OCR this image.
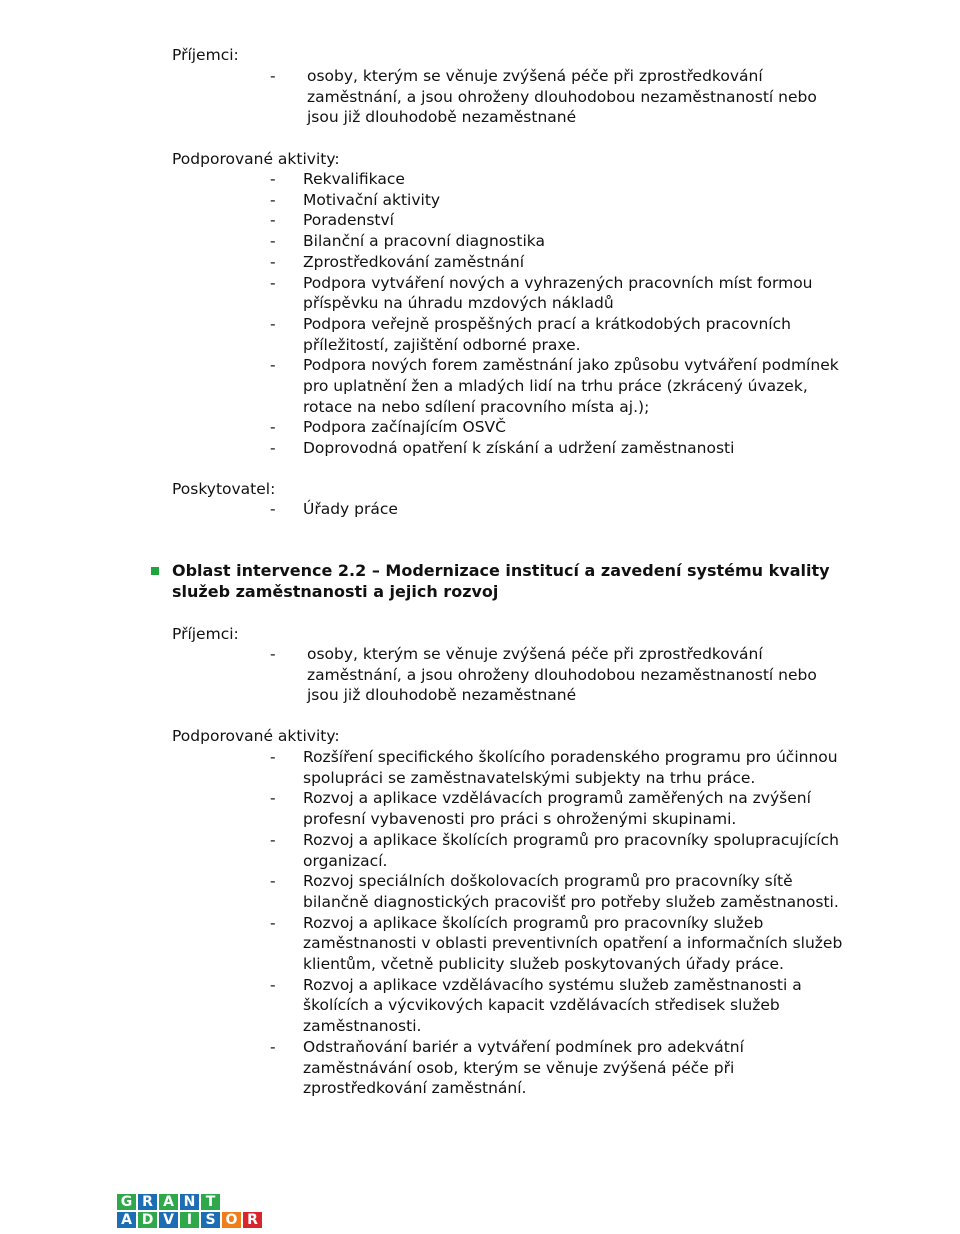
Příjemci:
- osoby, kterým se věnuje zvýšená péče při zprostředkování zaměstnání, a jsou ohroženy dlouhodobou nezaměstnaností nebo jsou již dlouhodobě nezaměstnané
Podporované aktivity:
- Rekvalifikace
- Motivační aktivity
- Poradenství
- Bilanční a pracovní diagnostika
- Zprostředkování zaměstnání
- Podpora vytváření nových a vyhrazených pracovních míst formou příspěvku na úhradu mzdových nákladů
- Podpora veřejně prospěšných prací a krátkodobých pracovních příležitostí, zajištění odborné praxe.
- Podpora nových forem zaměstnání jako způsobu vytváření podmínek pro uplatnění žen a mladých lidí na trhu práce (zkrácený úvazek, rotace na nebo sdílení pracovního místa aj.);
- Podpora začínajícím OSVČ
- Doprovodná opatření k získání a udržení zaměstnanosti
Poskytovatel:
- Úřady práce
Oblast intervence 2.2 – Modernizace institucí a zavedení systému kvality služeb zaměstnanosti a jejich rozvoj
Příjemci:
- osoby, kterým se věnuje zvýšená péče při zprostředkování zaměstnání, a jsou ohroženy dlouhodobou nezaměstnaností nebo jsou již dlouhodobě nezaměstnané
Podporované aktivity:
- Rozšíření specifického školícího poradenského programu pro účinnou spolupráci se zaměstnavatelskými subjekty na trhu práce.
- Rozvoj a aplikace vzdělávacích programů zaměřených na zvýšení profesní vybavenosti pro práci s ohroženými skupinami.
- Rozvoj a aplikace školících programů pro pracovníky spolupracujících organizací.
- Rozvoj speciálních doškolovacích programů pro pracovníky sítě bilančně diagnostických pracovišť pro potřeby služeb zaměstnanosti.
- Rozvoj a aplikace školících programů pro pracovníky služeb zaměstnanosti v oblasti preventivních opatření a informačních služeb klientům, včetně publicity služeb poskytovaných úřady práce.
- Rozvoj a aplikace vzdělávacího systému služeb zaměstnanosti a školících a výcvikových kapacit vzdělávacích středisek služeb zaměstnanosti.
- Odstraňování bariér a vytváření podmínek pro adekvátní zaměstnávání osob, kterým se věnuje zvýšená péče při zprostředkování zaměstnání.
G R A N T
A D V I S O R
